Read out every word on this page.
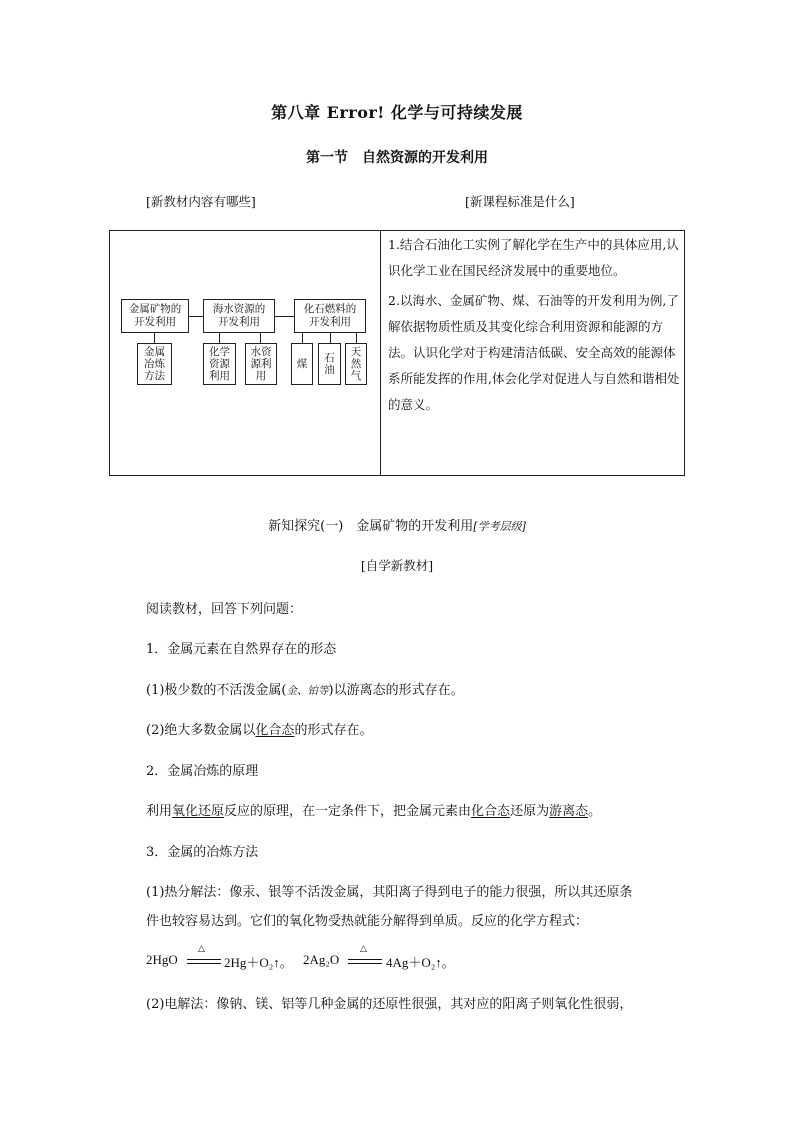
第八章 Error! 化学与可持续发展
第一节　自然资源的开发利用
[新教材内容有哪些]	[新课程标准是什么]
金属矿物的
开发利用
金属
冶炼
方法
海水资源的
开发利用
化学
资源
利用
水资
源利
用
化石燃料的
开发利用
煤 石
油
天
然
气

1.结合石油化工实例了解化学在生产中的具体应用,认识化学工业在国民经济发展中的重要地位。

2.以海水、金属矿物、煤、石油等的开发利用为例,了解依据物质性质及其变化综合利用资源和能源的方法。认识化学对于构建清洁低碳、安全高效的能源体系所能发挥的作用,体会化学对促进人与自然和谐相处的意义。

新知探究(一)　金属矿物的开发利用[学考层级]
[自学新教材]
阅读教材，回答下列问题：
1．金属元素在自然界存在的形态
(1)极少数的不活泼金属(金、铂等)以游离态的形式存在。
(2)绝大多数金属以化合态的形式存在。
2．金属冶炼的原理
利用氧化还原反应的原理，在一定条件下，把金属元素由化合态还原为游离态。
3．金属的冶炼方法
(1)热分解法：像汞、银等不活泼金属，其阳离子得到电子的能力很强，所以其还原条
件也较容易达到。它们的氧化物受热就能分解得到单质。反应的化学方程式：
2HgO
△
2Hg＋O₂↑。 2Ag₂O
△
4Ag＋O₂↑。
(2)电解法：像钠、镁、铝等几种金属的还原性很强，其对应的阳离子则氧化性很弱，
